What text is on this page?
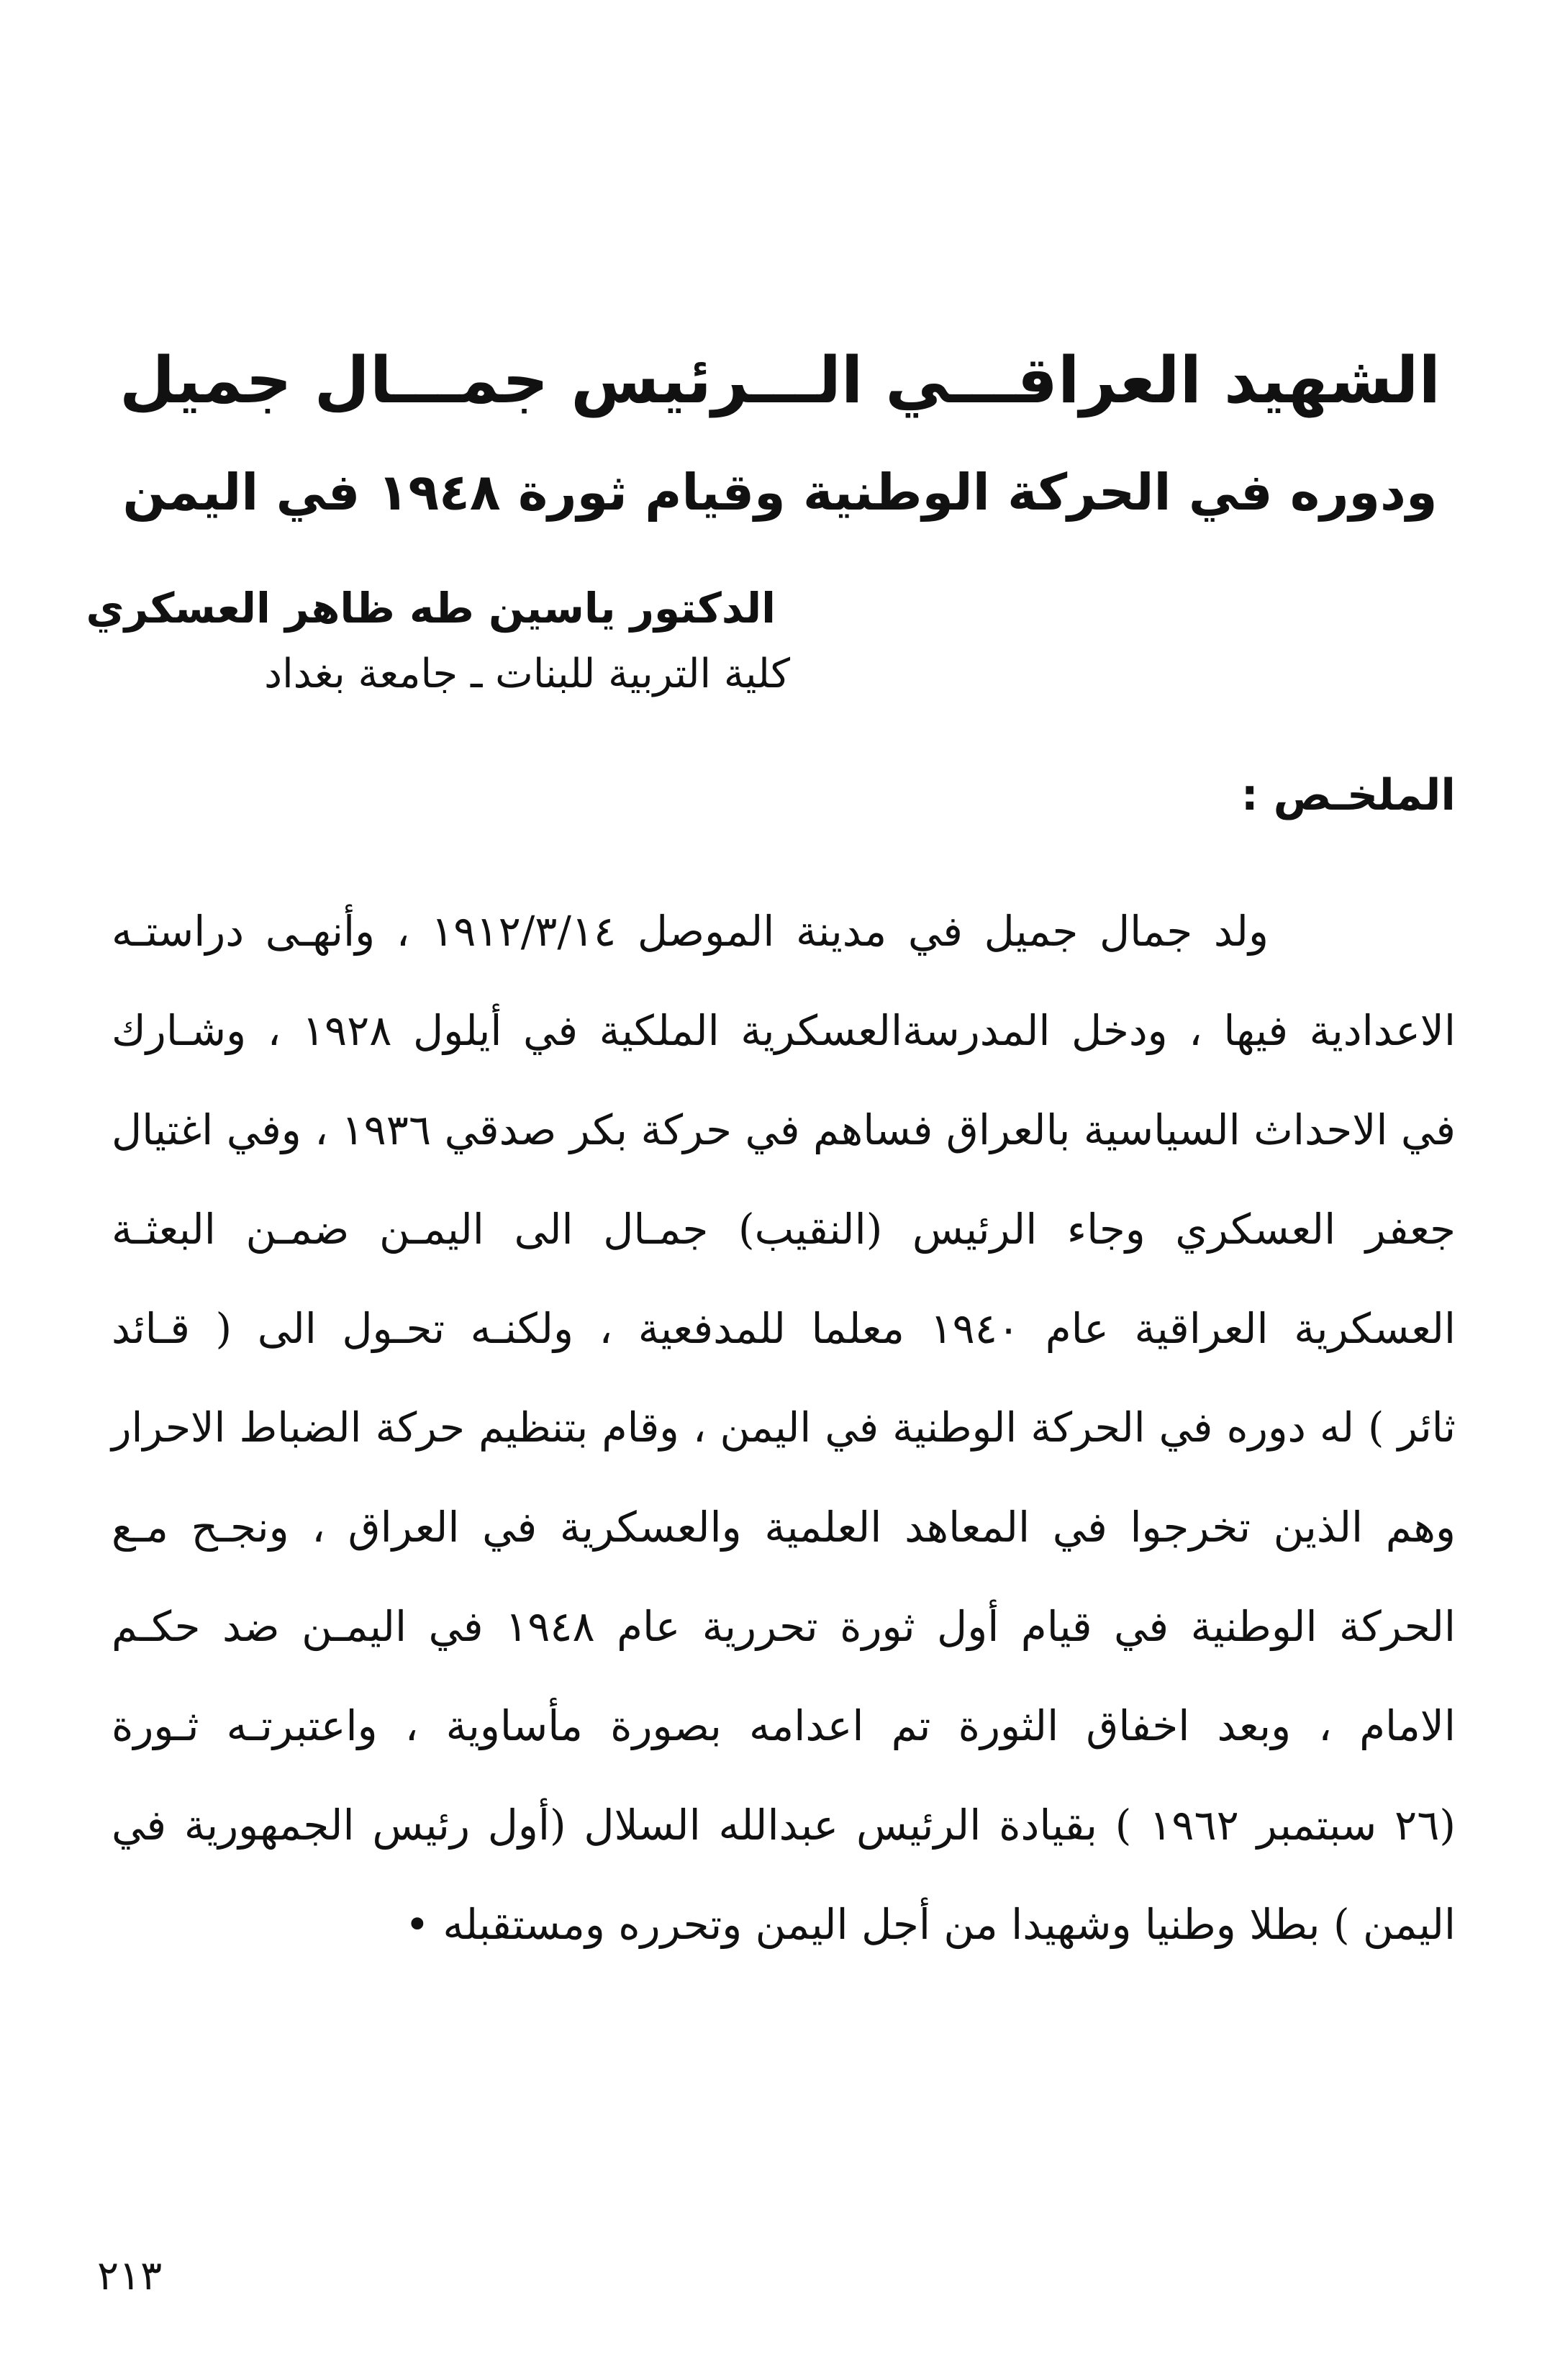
الشهيد العراقـــي الـــرئيس جمـــال جميل
ودوره في الحركة الوطنية وقيام ثورة ١٩٤٨ في اليمن
الدكتور ياسين طه ظاهر العسكري
كلية التربية للبنات ـ جامعة بغداد
الملخـص :
ولد جمال جميل في مدينة الموصل ١٩١٢/٣/١٤ ، وأنهـى دراستـه
الاعدادية فيها ، ودخل المدرسةالعسكرية الملكية في أيلول ١٩٢٨ ، وشـارك
في الاحداث السياسية بالعراق فساهم في حركة بكر صدقي ١٩٣٦ ، وفي اغتيال
جعفر العسكري وجاء الرئيس (النقيب) جمـال الى اليمـن ضمـن البعثـة
العسكرية العراقية عام ١٩٤٠ معلما للمدفعية ، ولكنـه تحـول الى ( قـائد
ثائر ) له دوره في الحركة الوطنية في اليمن ، وقام بتنظيم حركة الضباط الاحرار
وهم الذين تخرجوا في المعاهد العلمية والعسكرية في العراق ، ونجـح مـع
الحركة الوطنية في قيام أول ثورة تحررية عام ١٩٤٨ في اليمـن ضد حكـم
الامام ، وبعد اخفاق الثورة تم اعدامه بصورة مأساوية ، واعتبرتـه ثـورة
(٢٦ سبتمبر ١٩٦٢ ) بقيادة الرئيس عبدالله السلال (أول رئيس الجمهورية في
اليمن ) بطلا وطنيا وشهيدا من أجل اليمن وتحرره ومستقبله •
٢١٣
